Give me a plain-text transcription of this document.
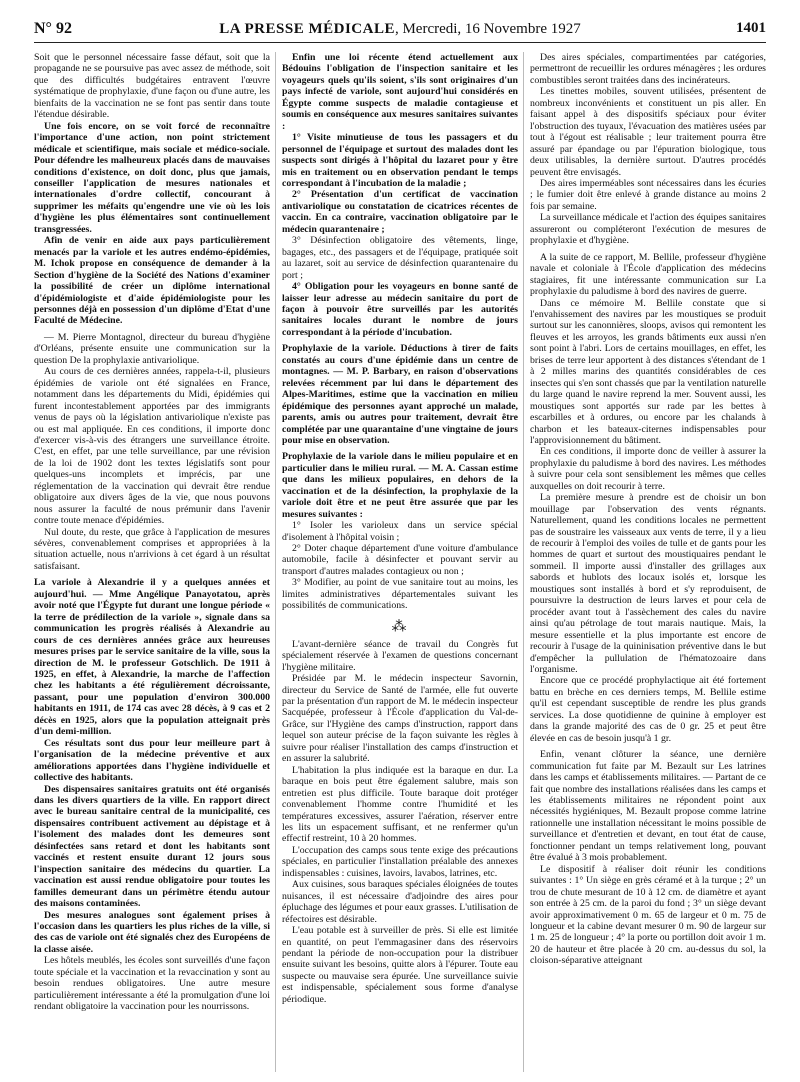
N° 92	LA PRESSE MÉDICALE, Mercredi, 16 Novembre 1927	1401

Soit que le personnel nécessaire fasse défaut, soit que la propagande ne se poursuive pas avec assez de méthode, soit que des difficultés budgétaires entravent l'œuvre systématique de prophylaxie, d'une façon ou d'une autre, les bienfaits de la vaccination ne se font pas sentir dans toute l'étendue désirable.

Une fois encore, on se voit forcé de reconnaître l'importance d'une action, non point strictement médicale et scientifique, mais sociale et médico-sociale. Pour défendre les malheureux placés dans de mauvaises conditions d'existence, on doit donc, plus que jamais, conseiller l'application de mesures nationales et internationales d'ordre collectif, concourant à supprimer les méfaits qu'engendre une vie où les lois d'hygiène les plus élémentaires sont continuellement transgressées.

Afin de venir en aide aux pays particulièrement menacés par la variole et les autres endémo-épidémies, M. Ichok propose en conséquence de demander à la Section d'hygiène de la Société des Nations d'examiner la possibilité de créer un diplôme international d'épidémiologiste et d'aide épidémiologiste pour les personnes déjà en possession d'un diplôme d'Etat d'une Faculté de Médecine.

— M. Pierre Montagnol, directeur du bureau d'hygiène d'Orléans, présente ensuite une communication sur la question De la prophylaxie antivariolique.

Au cours de ces dernières années, rappela-t-il, plusieurs épidémies de variole ont été signalées en France, notamment dans les départements du Midi, épidémies qui furent incontestablement apportées par des immigrants venus de pays où la législation antivariolique n'existe pas ou est mal appliquée. En ces conditions, il importe donc d'exercer vis-à-vis des étrangers une surveillance étroite. C'est, en effet, par une telle surveillance, par une révision de la loi de 1902 dont les textes législatifs sont pour quelques-uns incomplets et imprécis, par une réglementation de la vaccination qui devrait être rendue obligatoire aux divers âges de la vie, que nous pouvons nous assurer la faculté de nous prémunir dans l'avenir contre toute menace d'épidémies.

Nul doute, du reste, que grâce à l'application de mesures sévères, convenablement comprises et appropriées à la situation actuelle, nous n'arrivions à cet égard à un résultat satisfaisant.

La variole à Alexandrie il y a quelques années et aujourd'hui. — Mme Angélique Panayotatou, après avoir noté que l'Égypte fut durant une longue période « la terre de prédilection de la variole », signale dans sa communication les progrès réalisés à Alexandrie au cours de ces dernières années grâce aux heureuses mesures prises par le service sanitaire de la ville, sous la direction de M. le professeur Gotschlich. De 1911 à 1925, en effet, à Alexandrie, la marche de l'affection chez les habitants a été régulièrement décroissante, passant, pour une population d'environ 300.000 habitants en 1911, de 174 cas avec 28 décès, à 9 cas et 2 décès en 1925, alors que la population atteignait près d'un demi-million.

Ces résultats sont dus pour leur meilleure part à l'organisation de la médecine préventive et aux améliorations apportées dans l'hygiène individuelle et collective des habitants.

Des dispensaires sanitaires gratuits ont été organisés dans les divers quartiers de la ville. En rapport direct avec le bureau sanitaire central de la municipalité, ces dispensaires contribuent activement au dépistage et à l'isolement des malades dont les demeures sont désinfectées sans retard et dont les habitants sont vaccinés et restent ensuite durant 12 jours sous l'inspection sanitaire des médecins du quartier. La vaccination est aussi rendue obligatoire pour toutes les familles demeurant dans un périmètre étendu autour des maisons contaminées.

Des mesures analogues sont également prises à l'occasion dans les quartiers les plus riches de la ville, si des cas de variole ont été signalés chez des Européens de la classe aisée.

Les hôtels meublés, les écoles sont surveillés d'une façon toute spéciale et la vaccination et la revaccination y sont au besoin rendues obligatoires. Une autre mesure particulièrement intéressante a été la promulgation d'une loi rendant obligatoire la vaccination pour les nourrissons.

Enfin une loi récente étend actuellement aux Bédouins l'obligation de l'inspection sanitaire et les voyageurs quels qu'ils soient, s'ils sont originaires d'un pays infecté de variole, sont aujourd'hui considérés en Égypte comme suspects de maladie contagieuse et soumis en conséquence aux mesures sanitaires suivantes :

1° Visite minutieuse de tous les passagers et du personnel de l'équipage et surtout des malades dont les suspects sont dirigés à l'hôpital du lazaret pour y être mis en traitement ou en observation pendant le temps correspondant à l'incubation de la maladie ;

2° Présentation d'un certificat de vaccination antivariolique ou constatation de cicatrices récentes de vaccin. En ca contraire, vaccination obligatoire par le médecin quarantenaire ;

3° Désinfection obligatoire des vêtements, linge, bagages, etc., des passagers et de l'équipage, pratiquée soit au lazaret, soit au service de désinfection quarantenaire du port ;

4° Obligation pour les voyageurs en bonne santé de laisser leur adresse au médecin sanitaire du port de façon à pouvoir être surveillés par les autorités sanitaires locales durant le nombre de jours correspondant à la période d'incubation.

Prophylaxie de la variole. Déductions à tirer de faits constatés au cours d'une épidémie dans un centre de montagnes. — M. P. Barbary, en raison d'observations relevées récemment par lui dans le département des Alpes-Maritimes, estime que la vaccination en milieu épidémique des personnes ayant approché un malade, parents, amis ou autres pour traitement, devrait être complétée par une quarantaine d'une vingtaine de jours pour mise en observation.

Prophylaxie de la variole dans le milieu populaire et en particulier dans le milieu rural. — M. A. Cassan estime que dans les milieux populaires, en dehors de la vaccination et de la désinfection, la prophylaxie de la variole doit être et ne peut être assurée que par les mesures suivantes :

1° Isoler les varioleux dans un service spécial d'isolement à l'hôpital voisin ;

2° Doter chaque département d'une voiture d'ambulance automobile, facile à désinfecter et pouvant servir au transport d'autres malades contagieux ou non ;

3° Modifier, au point de vue sanitaire tout au moins, les limites administratives départementales suivant les possibilités de communications.

⁂

L'avant-dernière séance de travail du Congrès fut spécialement réservée à l'examen de questions concernant l'hygiène militaire.

Présidée par M. le médecin inspecteur Savornin, directeur du Service de Santé de l'armée, elle fut ouverte par la présentation d'un rapport de M. le médecin inspecteur Sacquépée, professeur à l'École d'application du Val-de-Grâce, sur l'Hygiène des camps d'instruction, rapport dans lequel son auteur précise de la façon suivante les règles à suivre pour réaliser l'installation des camps d'instruction et en assurer la salubrité.

L'habitation la plus indiquée est la baraque en dur. La baraque en bois peut être également salubre, mais son entretien est plus difficile. Toute baraque doit protéger convenablement l'homme contre l'humidité et les températures excessives, assurer l'aération, réserver entre les lits un espacement suffisant, et ne renfermer qu'un effectif restreint, 10 à 20 hommes.

L'occupation des camps sous tente exige des précautions spéciales, en particulier l'installation préalable des annexes indispensables : cuisines, lavoirs, lavabos, latrines, etc.

Aux cuisines, sous baraques spéciales éloignées de toutes nuisances, il est nécessaire d'adjoindre des aires pour épluchage des légumes et pour eaux grasses. L'utilisation de réfectoires est désirable.

L'eau potable est à surveiller de près. Si elle est limitée en quantité, on peut l'emmagasiner dans des réservoirs pendant la période de non-occupation pour la distribuer ensuite suivant les besoins, quitte alors à l'épurer. Toute eau suspecte ou mauvaise sera épurée. Une surveillance suivie est indispensable, spécialement sous forme d'analyse périodique.

Des aires spéciales, compartimentées par catégories, permettront de recueillir les ordures ménagères ; les ordures combustibles seront traitées dans des incinérateurs.

Les tinettes mobiles, souvent utilisées, présentent de nombreux inconvénients et constituent un pis aller. En faisant appel à des dispositifs spéciaux pour éviter l'obstruction des tuyaux, l'évacuation des matières usées par tout à l'égout est réalisable ; leur traitement pourra être assuré par épandage ou par l'épuration biologique, tous deux utilisables, la dernière surtout. D'autres procédés peuvent être envisagés.

Des aires imperméables sont nécessaires dans les écuries ; le fumier doit être enlevé à grande distance au moins 2 fois par semaine.

La surveillance médicale et l'action des équipes sanitaires assureront ou compléteront l'exécution de mesures de prophylaxie et d'hygiène.

A la suite de ce rapport, M. Bellile, professeur d'hygiène navale et coloniale à l'École d'application des médecins stagiaires, fit une intéressante communication sur La prophylaxie du paludisme à bord des navires de guerre.

Dans ce mémoire M. Bellile constate que si l'envahissement des navires par les moustiques se produit surtout sur les canonnières, sloops, avisos qui remontent les fleuves et les arroyos, les grands bâtiments eux aussi n'en sont point à l'abri. Lors de certains mouillages, en effet, les brises de terre leur apportent à des distances s'étendant de 1 à 2 milles marins des quantités considérables de ces insectes qui s'en sont chassés que par la ventilation naturelle du large quand le navire reprend la mer. Souvent aussi, les moustiques sont apportés sur rade par les bettes à escarbilles et à ordures, ou encore par les chalands à charbon et les bateaux-citernes indispensables pour l'approvisionnement du bâtiment.

En ces conditions, il importe donc de veiller à assurer la prophylaxie du paludisme à bord des navires. Les méthodes à suivre pour cela sont sensiblement les mêmes que celles auxquelles on doit recourir à terre.

La première mesure à prendre est de choisir un bon mouillage par l'observation des vents régnants. Naturellement, quand les conditions locales ne permettent pas de soustraire les vaisseaux aux vents de terre, il y a lieu de recourir à l'emploi des voiles de tulle et de gants pour les hommes de quart et surtout des moustiquaires pendant le sommeil. Il importe aussi d'installer des grillages aux sabords et hublots des locaux isolés et, lorsque les moustiques sont installés à bord et s'y reproduisent, de poursuivre la destruction de leurs larves et pour cela de procéder avant tout à l'assèchement des cales du navire ainsi qu'au pétrolage de tout marais nautique. Mais, la mesure essentielle et la plus importante est encore de recourir à l'usage de la quininisation préventive dans le but d'empêcher la pullulation de l'hématozoaire dans l'organisme.

Encore que ce procédé prophylactique ait été fortement battu en brèche en ces derniers temps, M. Bellile estime qu'il est cependant susceptible de rendre les plus grands services. La dose quotidienne de quinine à employer est dans la grande majorité des cas de 0 gr. 25 et peut être élevée en cas de besoin jusqu'à 1 gr.

Enfin, venant clôturer la séance, une dernière communication fut faite par M. Bezault sur Les latrines dans les camps et établissements militaires. — Partant de ce fait que nombre des installations réalisées dans les camps et les établissements militaires ne répondent point aux nécessités hygiéniques, M. Bezault propose comme latrine rationnelle une installation nécessitant le moins possible de surveillance et d'entretien et devant, en tout état de cause, fonctionner pendant un temps relativement long, pouvant être évalué à 3 mois probablement.

Le dispositif à réaliser doit réunir les conditions suivantes : 1° Un siège en grès céramé et à la turque ; 2° un trou de chute mesurant de 10 à 12 cm. de diamètre et ayant son entrée à 25 cm. de la paroi du fond ; 3° un siège devant avoir approximativement 0 m. 65 de largeur et 0 m. 75 de longueur et la cabine devant mesurer 0 m. 90 de largeur sur 1 m. 25 de longueur ; 4° la porte ou portillon doit avoir 1 m. 20 de hauteur et être placée à 20 cm. au-dessus du sol, la cloison-séparative atteignant
